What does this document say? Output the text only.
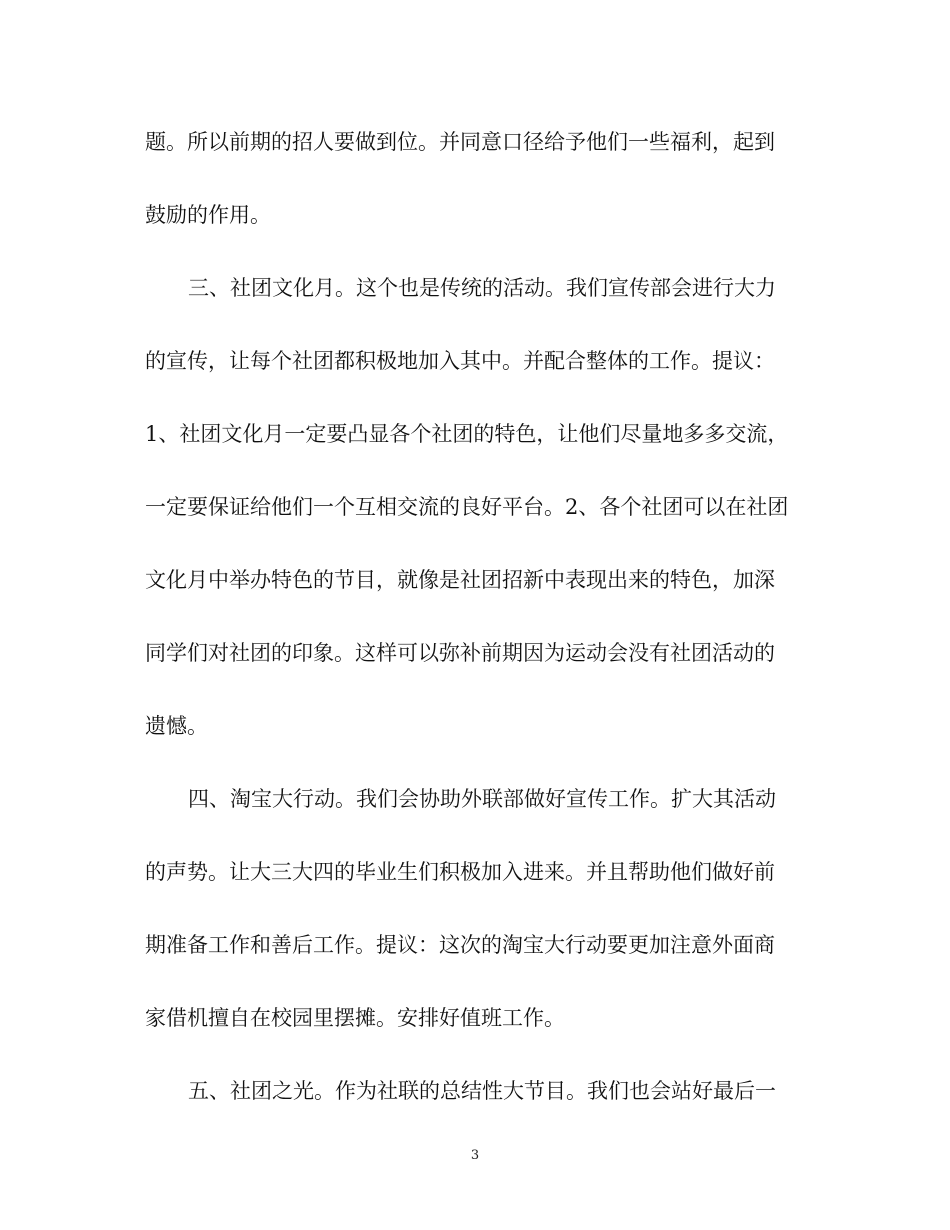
题。所以前期的招人要做到位。并同意口径给予他们一些福利，起到
鼓励的作用。
三、社团文化月。这个也是传统的活动。我们宣传部会进行大力
的宣传，让每个社团都积极地加入其中。并配合整体的工作。提议：
1、社团文化月一定要凸显各个社团的特色，让他们尽量地多多交流，
一定要保证给他们一个互相交流的良好平台。2、各个社团可以在社团
文化月中举办特色的节目，就像是社团招新中表现出来的特色，加深
同学们对社团的印象。这样可以弥补前期因为运动会没有社团活动的
遗憾。
四、淘宝大行动。我们会协助外联部做好宣传工作。扩大其活动
的声势。让大三大四的毕业生们积极加入进来。并且帮助他们做好前
期准备工作和善后工作。提议：这次的淘宝大行动要更加注意外面商
家借机擅自在校园里摆摊。安排好值班工作。
五、社团之光。作为社联的总结性大节目。我们也会站好最后一
3
